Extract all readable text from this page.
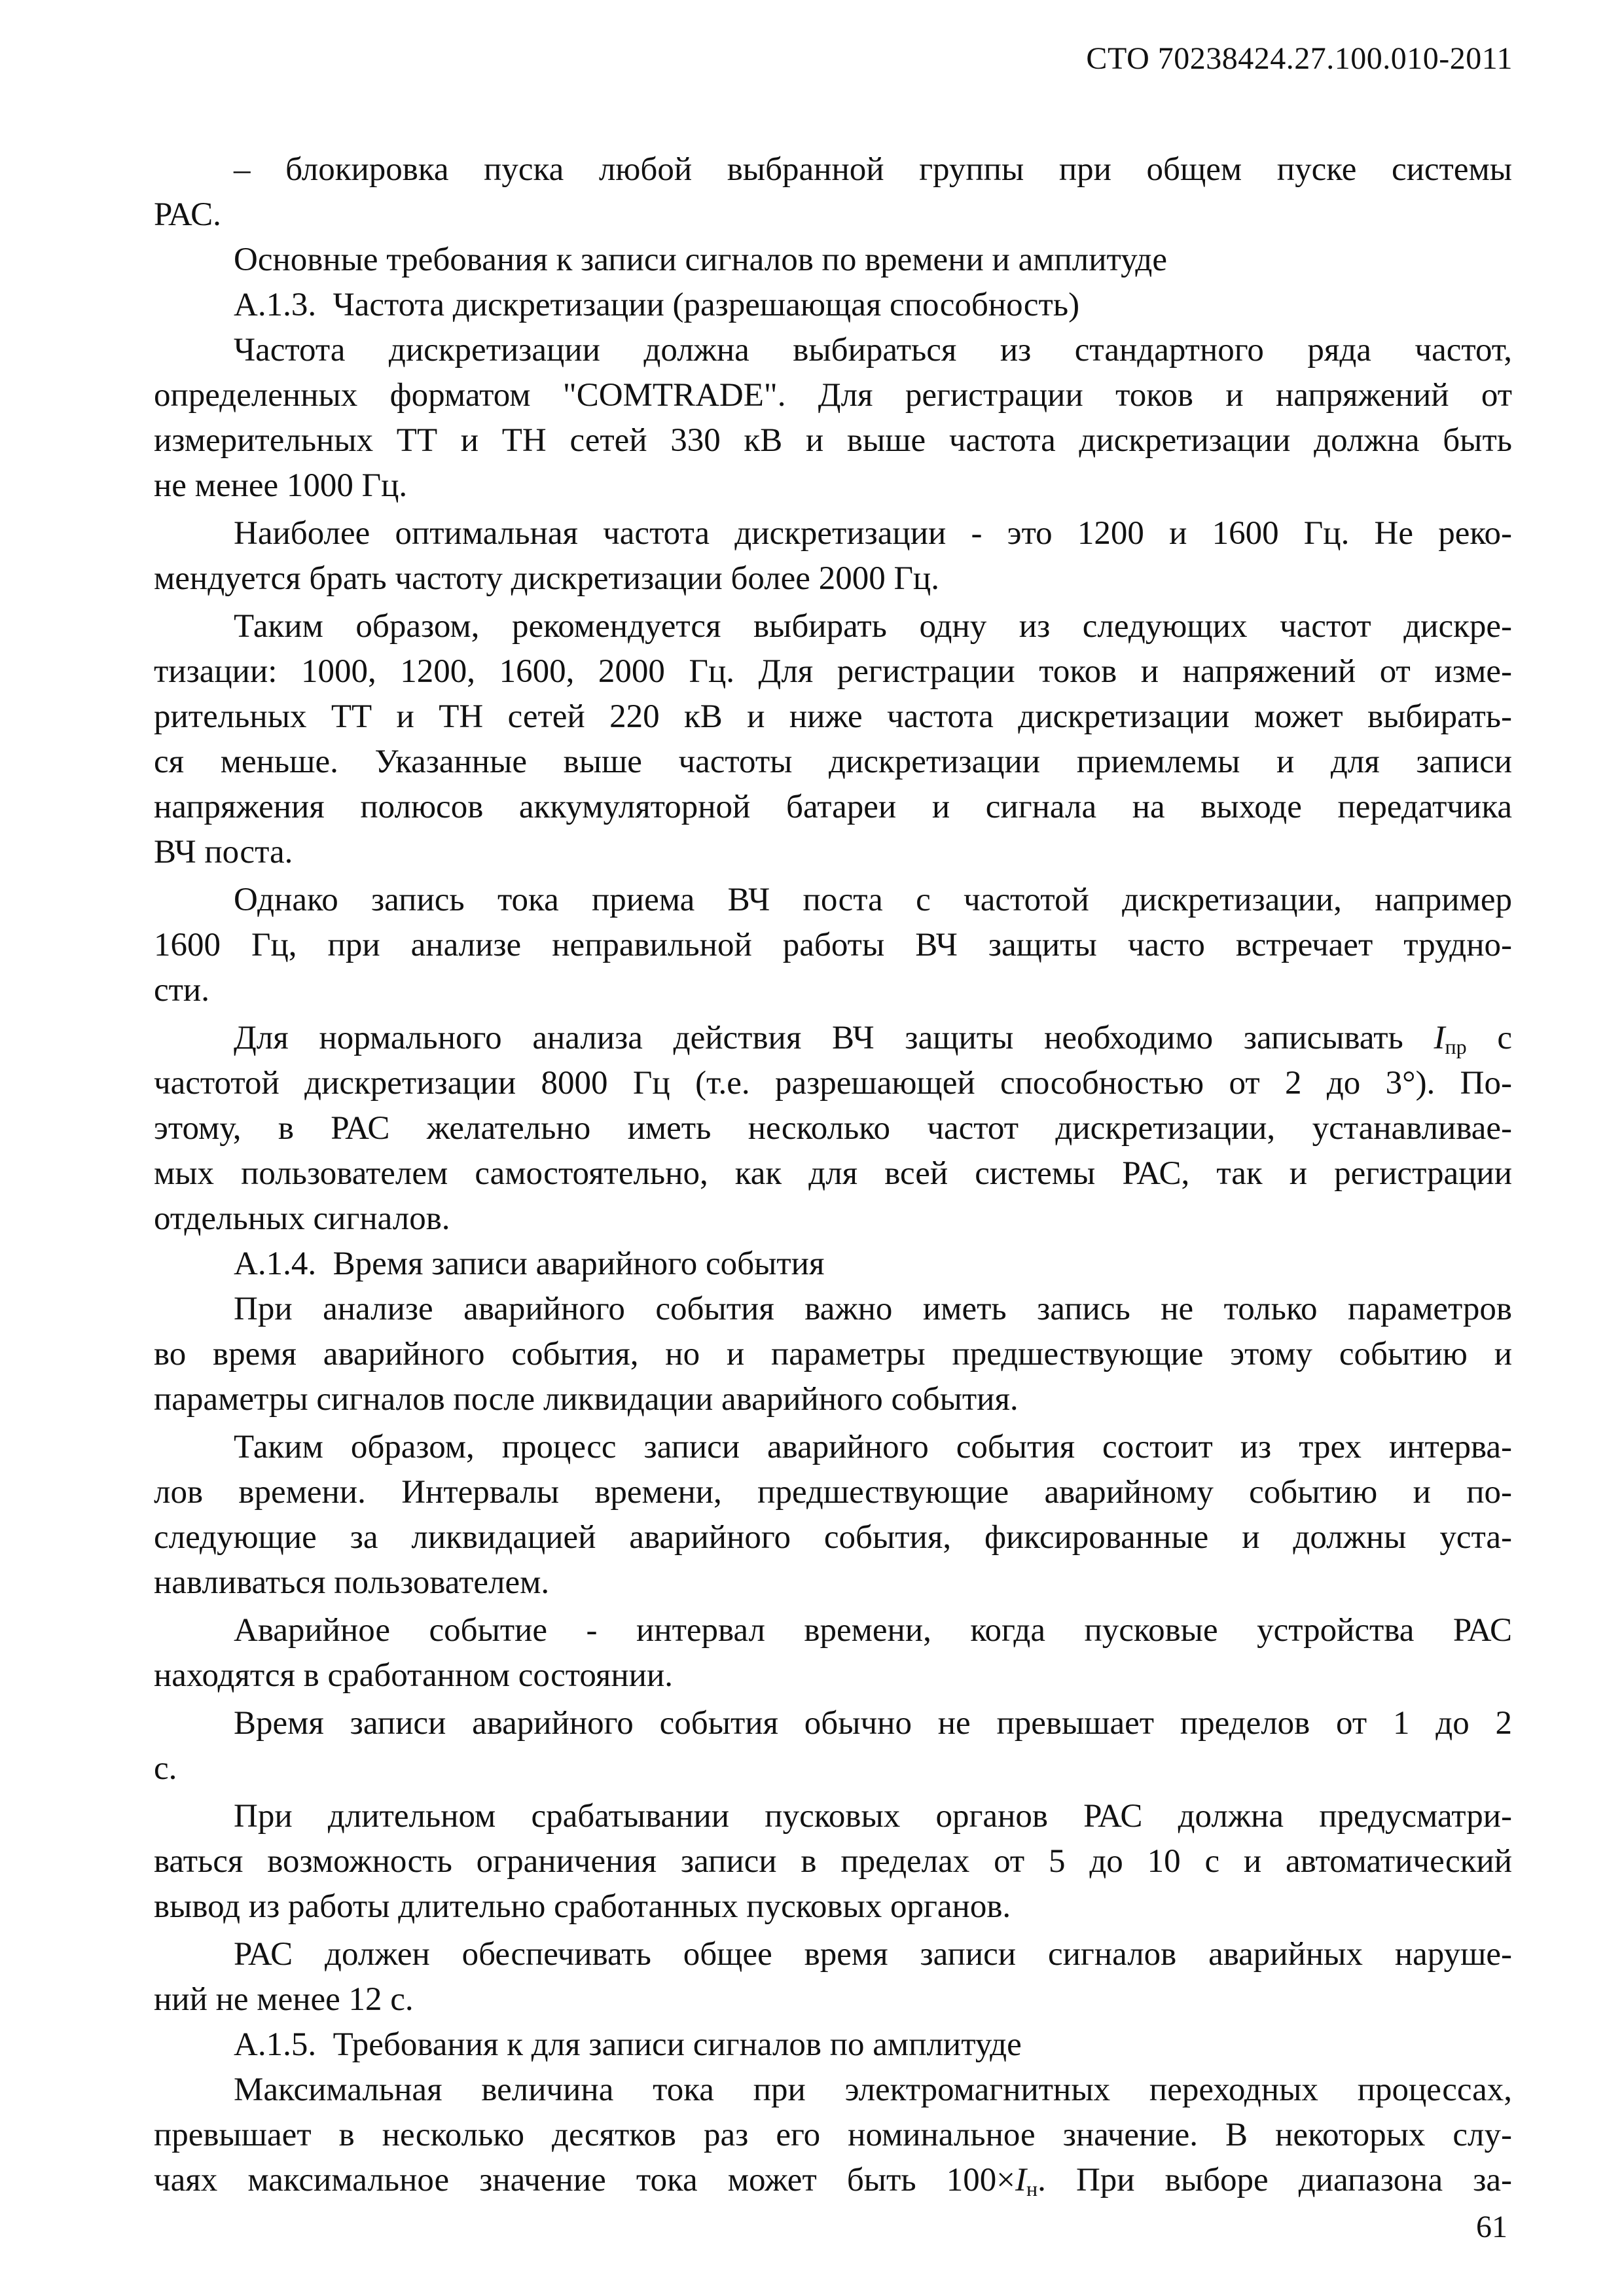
СТО 70238424.27.100.010-2011
– блокировка пуска любой выбранной группы при общем пуске системы
РАС.
Основные требования к записи сигналов по времени и амплитуде
А.1.3.  Частота дискретизации (разрешающая способность)
Частота дискретизации должна выбираться из стандартного ряда частот,
определенных форматом "COMTRADE". Для регистрации токов и напряжений от
измерительных ТТ и ТН сетей 330 кВ и выше частота дискретизации должна быть
не менее 1000 Гц.
Наиболее оптимальная частота дискретизации - это 1200 и 1600 Гц. Не реко-
мендуется брать частоту дискретизации более 2000 Гц.
Таким образом, рекомендуется выбирать одну из следующих частот дискре-
тизации: 1000, 1200, 1600, 2000 Гц. Для регистрации токов и напряжений от изме-
рительных ТТ и ТН сетей 220 кВ и ниже частота дискретизации может выбирать-
ся меньше. Указанные выше частоты дискретизации приемлемы и для записи
напряжения полюсов аккумуляторной батареи и сигнала на выходе передатчика
ВЧ поста.
Однако запись тока приема ВЧ поста с частотой дискретизации, например
1600 Гц, при анализе неправильной работы ВЧ защиты часто встречает трудно-
сти.
Для нормального анализа действия ВЧ защиты необходимо записывать $I_{пр}$ с
частотой дискретизации 8000 Гц (т.е. разрешающей способностью от 2 до 3°). По-
этому, в РАС желательно иметь несколько частот дискретизации, устанавливае-
мых пользователем самостоятельно, как для всей системы РАС, так и регистрации
отдельных сигналов.
А.1.4.  Время записи аварийного события
При анализе аварийного события важно иметь запись не только параметров
во время аварийного события, но и параметры предшествующие этому событию и
параметры сигналов после ликвидации аварийного события.
Таким образом, процесс записи аварийного события состоит из трех интерва-
лов времени. Интервалы времени, предшествующие аварийному событию и по-
следующие за ликвидацией аварийного события, фиксированные и должны уста-
навливаться пользователем.
Аварийное событие - интервал времени, когда пусковые устройства РАС
находятся в сработанном состоянии.
Время записи аварийного события обычно не превышает пределов от 1 до 2
с.
При длительном срабатывании пусковых органов РАС должна предусматри-
ваться возможность ограничения записи в пределах от 5 до 10 с и автоматический
вывод из работы длительно сработанных пусковых органов.
РАС должен обеспечивать общее время записи сигналов аварийных наруше-
ний не менее 12 с.
А.1.5.  Требования к для записи сигналов по амплитуде
Максимальная величина тока при электромагнитных переходных процессах,
превышает в несколько десятков раз его номинальное значение. В некоторых слу-
чаях максимальное значение тока может быть $100\times I_н$. При выборе диапазона за-
61
